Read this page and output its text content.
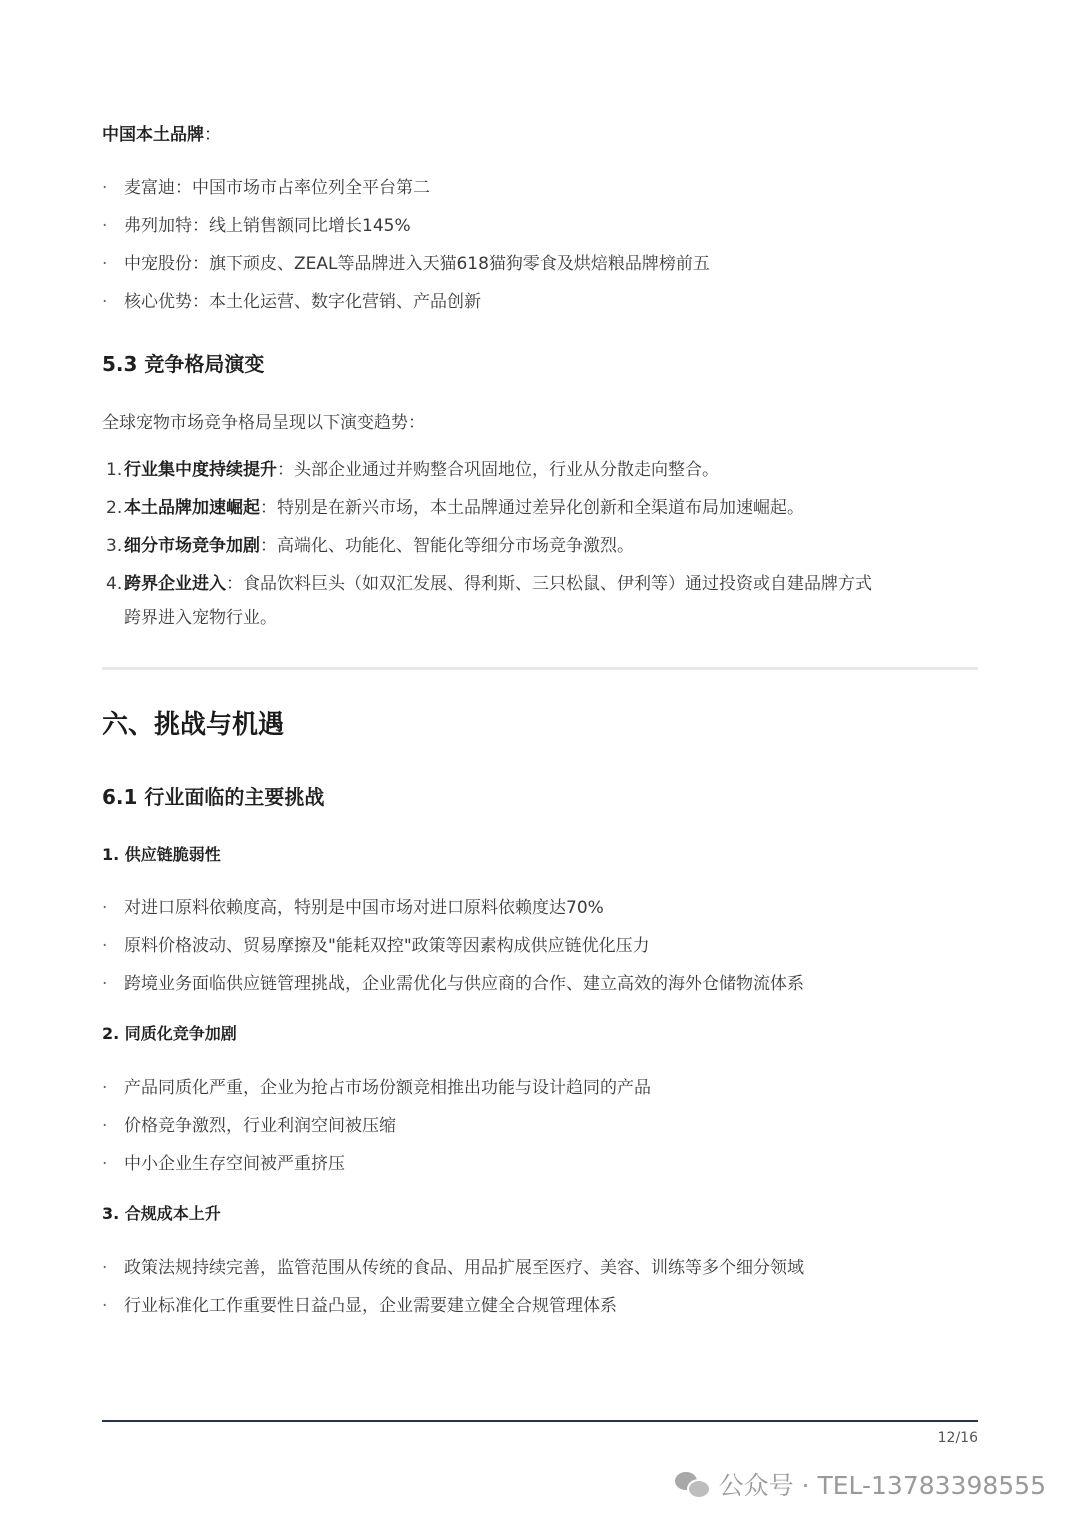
中国本土品牌：
· 麦富迪：中国市场市占率位列全平台第二
· 弗列加特：线上销售额同比增长145%
· 中宠股份：旗下顽皮、ZEAL等品牌进入天猫618猫狗零食及烘焙粮品牌榜前五
· 核心优势：本土化运营、数字化营销、产品创新
5.3 竞争格局演变
全球宠物市场竞争格局呈现以下演变趋势：
1. 行业集中度持续提升：头部企业通过并购整合巩固地位，行业从分散走向整合。
2. 本土品牌加速崛起：特别是在新兴市场，本土品牌通过差异化创新和全渠道布局加速崛起。
3. 细分市场竞争加剧：高端化、功能化、智能化等细分市场竞争激烈。
4. 跨界企业进入：食品饮料巨头（如双汇发展、得利斯、三只松鼠、伊利等）通过投资或自建品牌方式
跨界进入宠物行业。
六、挑战与机遇
6.1 行业面临的主要挑战
1. 供应链脆弱性
· 对进口原料依赖度高，特别是中国市场对进口原料依赖度达70%
· 原料价格波动、贸易摩擦及"能耗双控"政策等因素构成供应链优化压力
· 跨境业务面临供应链管理挑战，企业需优化与供应商的合作、建立高效的海外仓储物流体系
2. 同质化竞争加剧
· 产品同质化严重，企业为抢占市场份额竞相推出功能与设计趋同的产品
· 价格竞争激烈，行业利润空间被压缩
· 中小企业生存空间被严重挤压
3. 合规成本上升
· 政策法规持续完善，监管范围从传统的食品、用品扩展至医疗、美容、训练等多个细分领域
· 行业标准化工作重要性日益凸显，企业需要建立健全合规管理体系
12/16
公众号 · TEL-13783398555
